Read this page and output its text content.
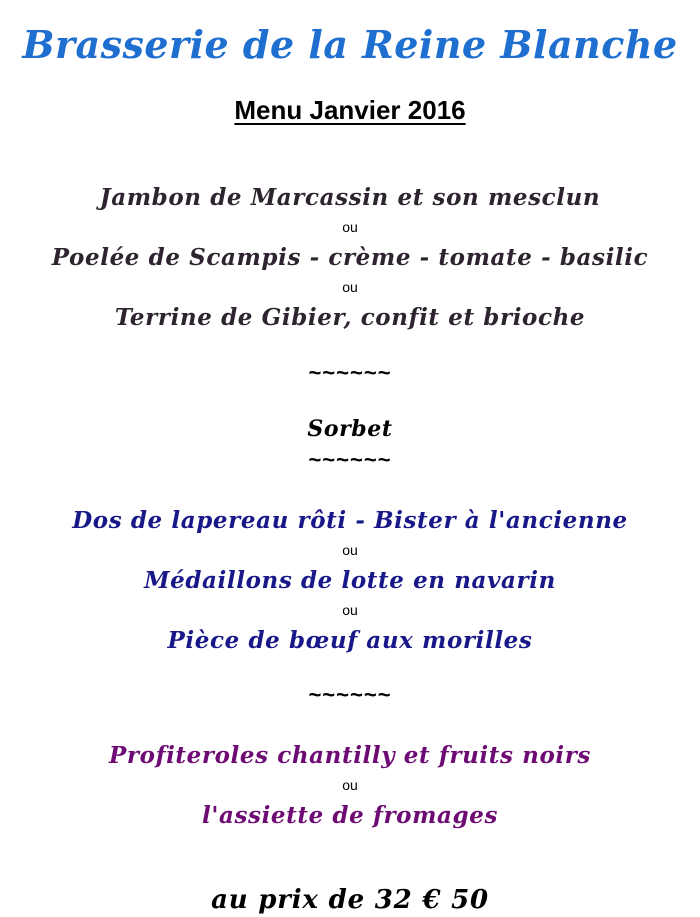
Brasserie de la Reine Blanche
Menu Janvier 2016
Jambon de Marcassin et son mesclun
ou
Poelée de Scampis - crème - tomate - basilic
ou
Terrine de Gibier, confit et brioche
~~~~~~
Sorbet
~~~~~~
Dos de lapereau rôti - Bister à l'ancienne
ou
Médaillons de lotte en navarin
ou
Pièce de bœuf aux morilles
~~~~~~
Profiteroles chantilly et fruits noirs
ou
l'assiette de fromages
au prix de 32 € 50
